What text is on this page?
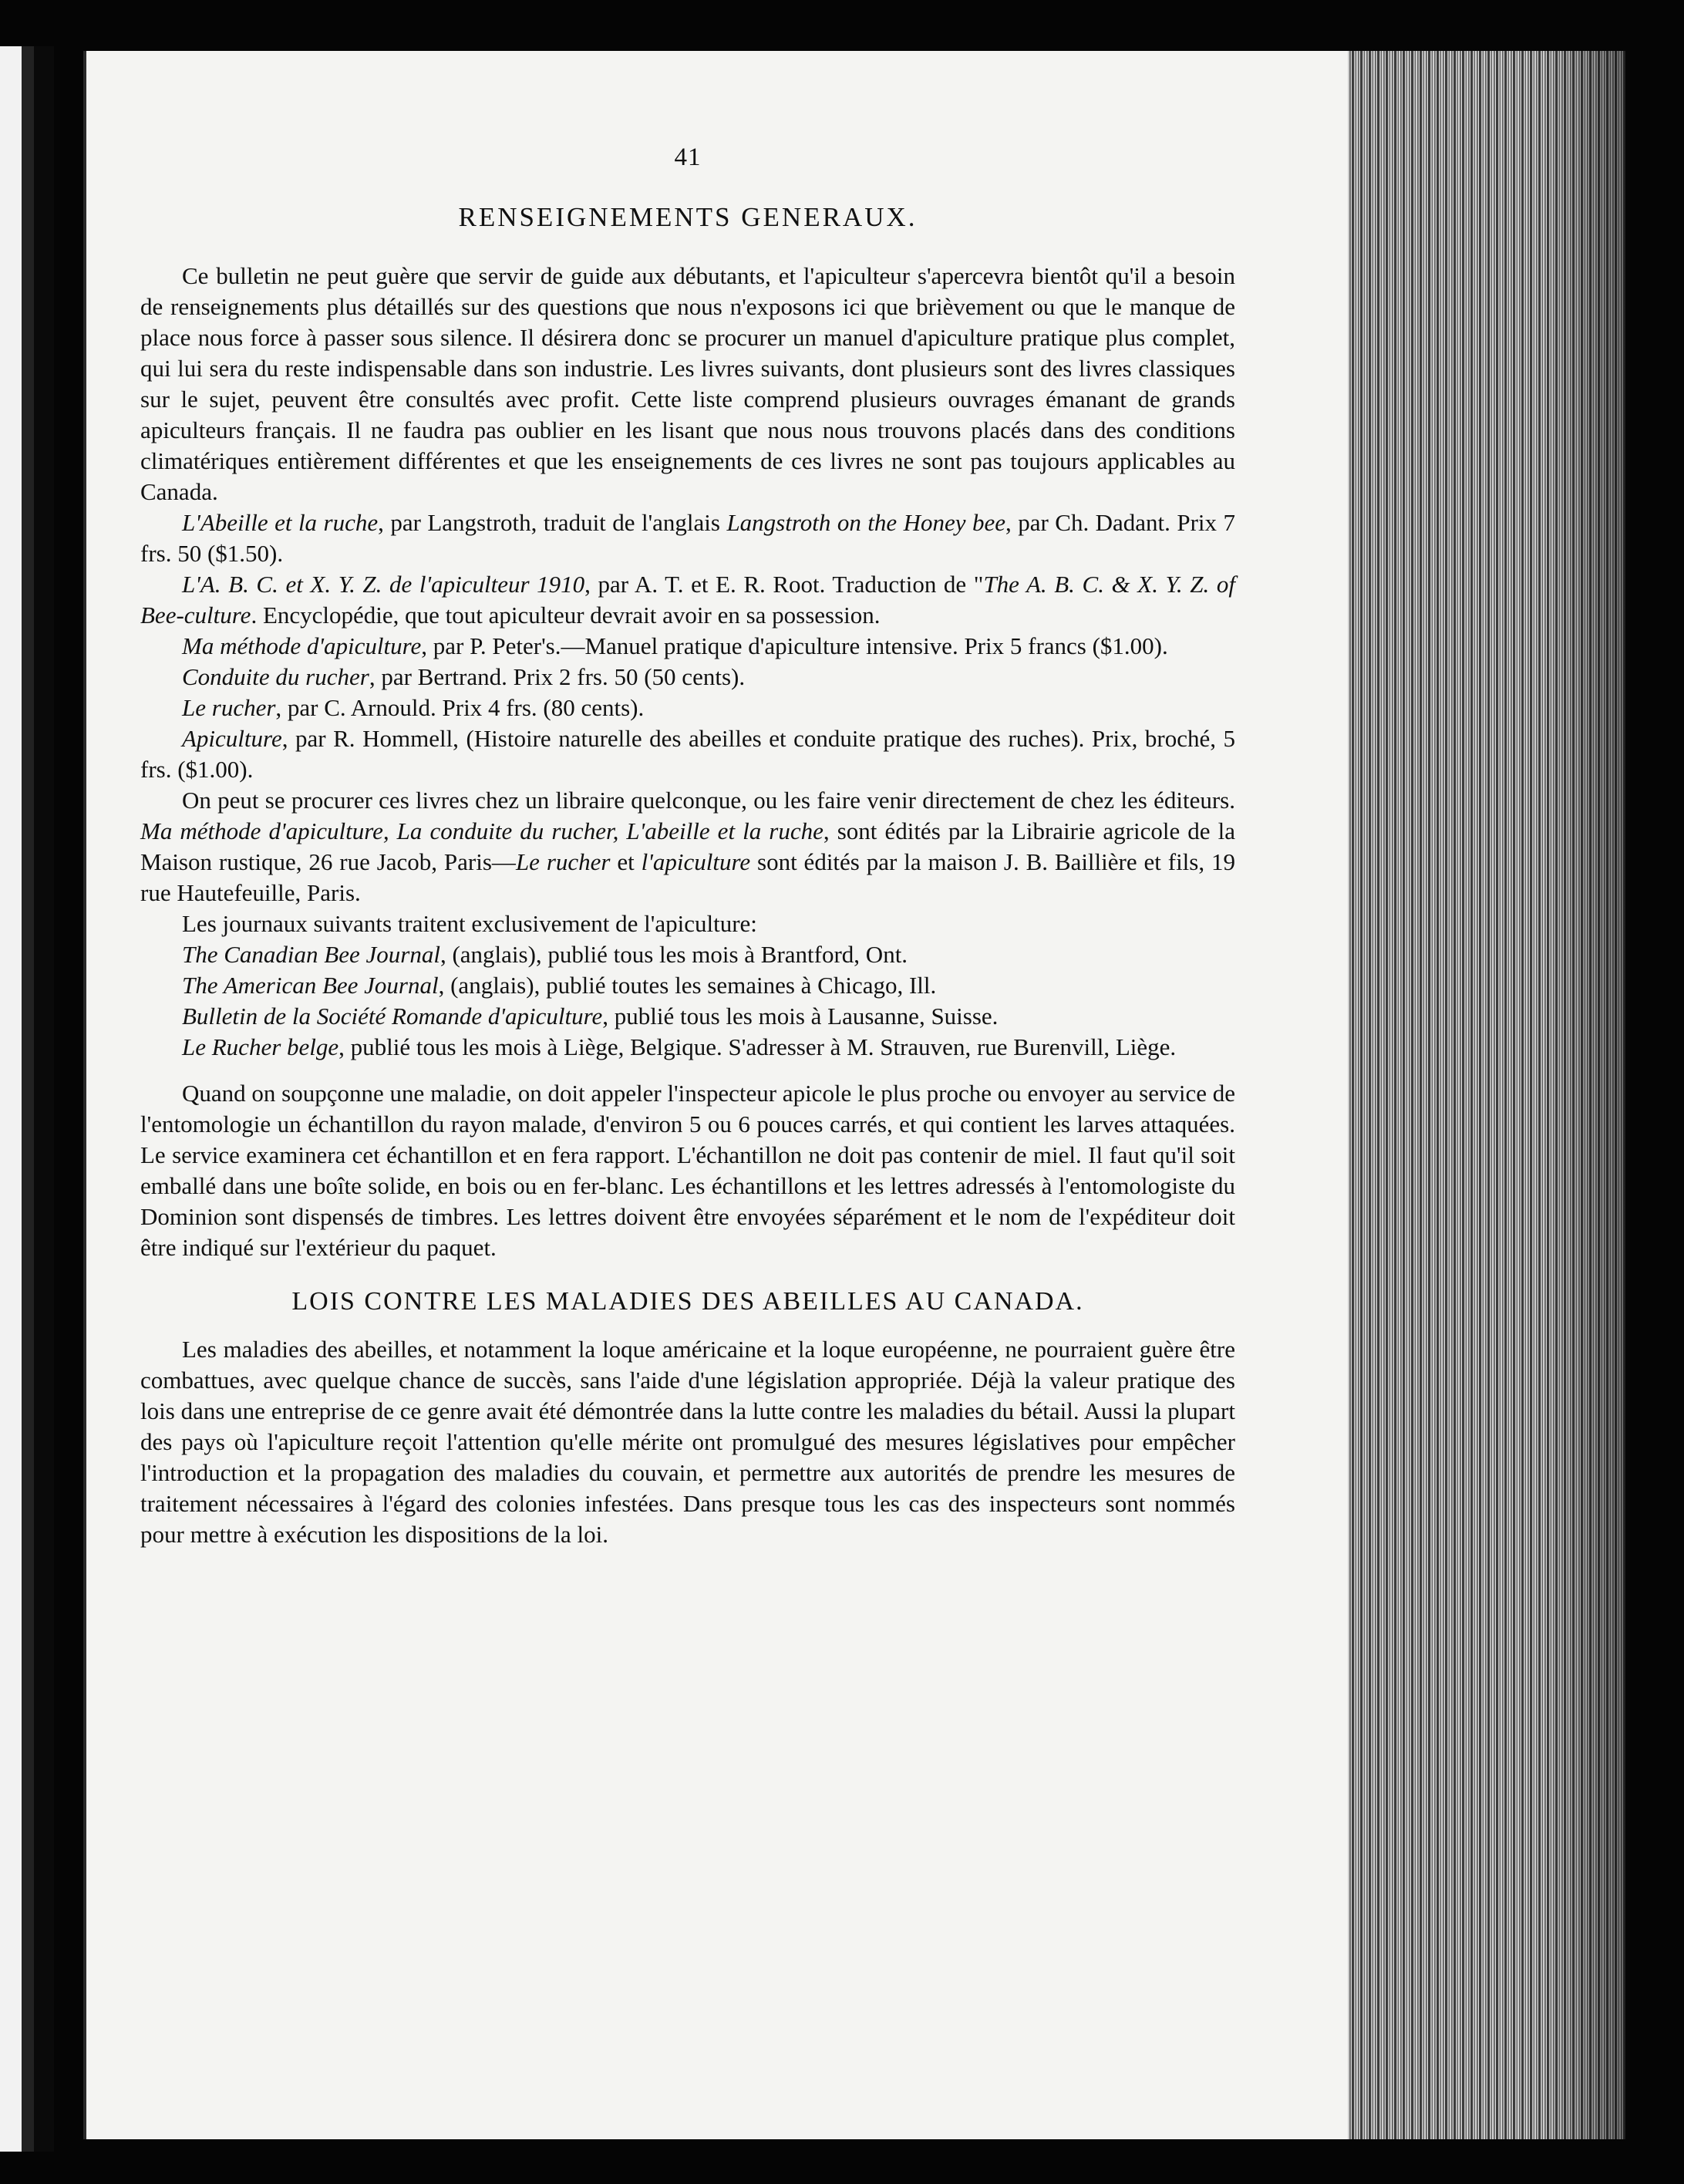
41
RENSEIGNEMENTS GENERAUX.

Ce bulletin ne peut guère que servir de guide aux débutants, et l'apiculteur s'apercevra bientôt qu'il a besoin de renseignements plus détaillés sur des questions que nous n'exposons ici que brièvement ou que le manque de place nous force à passer sous silence. Il désirera donc se procurer un manuel d'apiculture pratique plus complet, qui lui sera du reste indispensable dans son industrie. Les livres suivants, dont plusieurs sont des livres classiques sur le sujet, peuvent être consultés avec profit. Cette liste comprend plusieurs ouvrages émanant de grands apiculteurs français. Il ne faudra pas oublier en les lisant que nous nous trouvons placés dans des conditions climatériques entièrement différentes et que les enseignements de ces livres ne sont pas toujours applicables au Canada.

L'Abeille et la ruche, par Langstroth, traduit de l'anglais Langstroth on the Honey bee, par Ch. Dadant. Prix 7 frs. 50 ($1.50).

L'A. B. C. et X. Y. Z. de l'apiculteur 1910, par A. T. et E. R. Root. Traduction de "The A. B. C. & X. Y. Z. of Bee-culture. Encyclopédie, que tout apiculteur devrait avoir en sa possession.

Ma méthode d'apiculture, par P. Peter's.—Manuel pratique d'apiculture intensive. Prix 5 francs ($1.00).

Conduite du rucher, par Bertrand. Prix 2 frs. 50 (50 cents).

Le rucher, par C. Arnould. Prix 4 frs. (80 cents).

Apiculture, par R. Hommell, (Histoire naturelle des abeilles et conduite pratique des ruches). Prix, broché, 5 frs. ($1.00).

On peut se procurer ces livres chez un libraire quelconque, ou les faire venir directement de chez les éditeurs. Ma méthode d'apiculture, La conduite du rucher, L'abeille et la ruche, sont édités par la Librairie agricole de la Maison rustique, 26 rue Jacob, Paris—Le rucher et l'apiculture sont édités par la maison J. B. Baillière et fils, 19 rue Hautefeuille, Paris.

Les journaux suivants traitent exclusivement de l'apiculture:

The Canadian Bee Journal, (anglais), publié tous les mois à Brantford, Ont.

The American Bee Journal, (anglais), publié toutes les semaines à Chicago, Ill.

Bulletin de la Société Romande d'apiculture, publié tous les mois à Lausanne, Suisse.

Le Rucher belge, publié tous les mois à Liège, Belgique. S'adresser à M. Strauven, rue Burenvill, Liège.

Quand on soupçonne une maladie, on doit appeler l'inspecteur apicole le plus proche ou envoyer au service de l'entomologie un échantillon du rayon malade, d'environ 5 ou 6 pouces carrés, et qui contient les larves attaquées. Le service examinera cet échantillon et en fera rapport. L'échantillon ne doit pas contenir de miel. Il faut qu'il soit emballé dans une boîte solide, en bois ou en fer-blanc. Les échantillons et les lettres adressés à l'entomologiste du Dominion sont dispensés de timbres. Les lettres doivent être envoyées séparément et le nom de l'expéditeur doit être indiqué sur l'extérieur du paquet.

LOIS CONTRE LES MALADIES DES ABEILLES AU CANADA.

Les maladies des abeilles, et notamment la loque américaine et la loque européenne, ne pourraient guère être combattues, avec quelque chance de succès, sans l'aide d'une législation appropriée. Déjà la valeur pratique des lois dans une entreprise de ce genre avait été démontrée dans la lutte contre les maladies du bétail. Aussi la plupart des pays où l'apiculture reçoit l'attention qu'elle mérite ont promulgué des mesures législatives pour empêcher l'introduction et la propagation des maladies du couvain, et permettre aux autorités de prendre les mesures de traitement nécessaires à l'égard des colonies infestées. Dans presque tous les cas des inspecteurs sont nommés pour mettre à exécution les dispositions de la loi.
